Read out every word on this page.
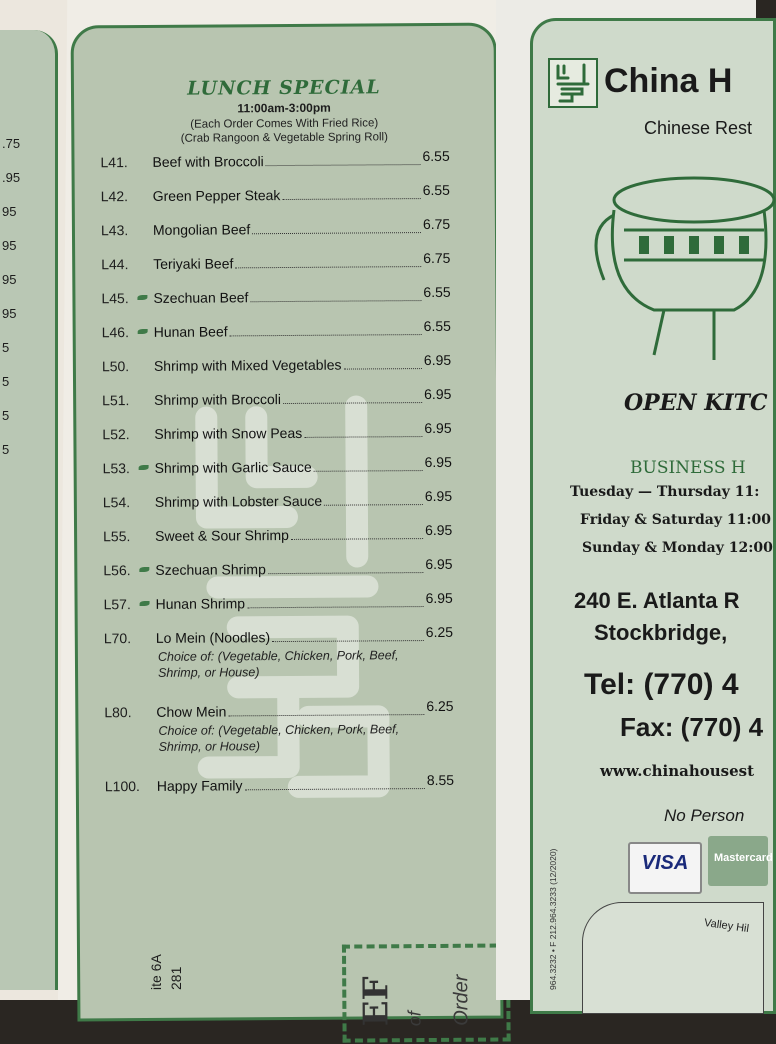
.75
.95
95
95
95
95
5
5
5
5
LUNCH SPECIAL
11:00am-3:00pm
(Each Order Comes With Fried Rice)
(Crab Rangoon & Vegetable Spring Roll)
L41.	Beef with Broccoli	6.55
L42.	Green Pepper Steak	6.55
L43.	Mongolian Beef	6.75
L44.	Teriyaki Beef	6.75
L45.	Szechuan Beef	6.55
L46.	Hunan Beef	6.55
L50.	Shrimp with Mixed Vegetables	6.95
L51.	Shrimp with Broccoli	6.95
L52.	Shrimp with Snow Peas	6.95
L53.	Shrimp with Garlic Sauce	6.95
L54.	Shrimp with Lobster Sauce	6.95
L55.	Sweet & Sour Shrimp	6.95
L56.	Szechuan Shrimp	6.95
L57.	Hunan Shrimp	6.95
L70.	Lo Mein (Noodles)	6.25
Choice of: (Vegetable, Chicken, Pork, Beef,
Shrimp, or House)
L80.	Chow Mein	6.25
Choice of: (Vegetable, Chicken, Pork, Beef,
Shrimp, or House)
L100.	Happy Family	8.55
EF of Order
ite 6A 281
China H
Chinese Rest
OPEN KITC
BUSINESS H
Tuesday — Thursday 11:
Friday & Saturday 11:00
Sunday & Monday 12:00
240 E. Atlanta R
Stockbridge,
Tel: (770) 4
Fax: (770) 4
www.chinahousest
No Person
VISA	Mastercard
Valley Hil
964.3232 • F 212.964.3233 (12/2020)
